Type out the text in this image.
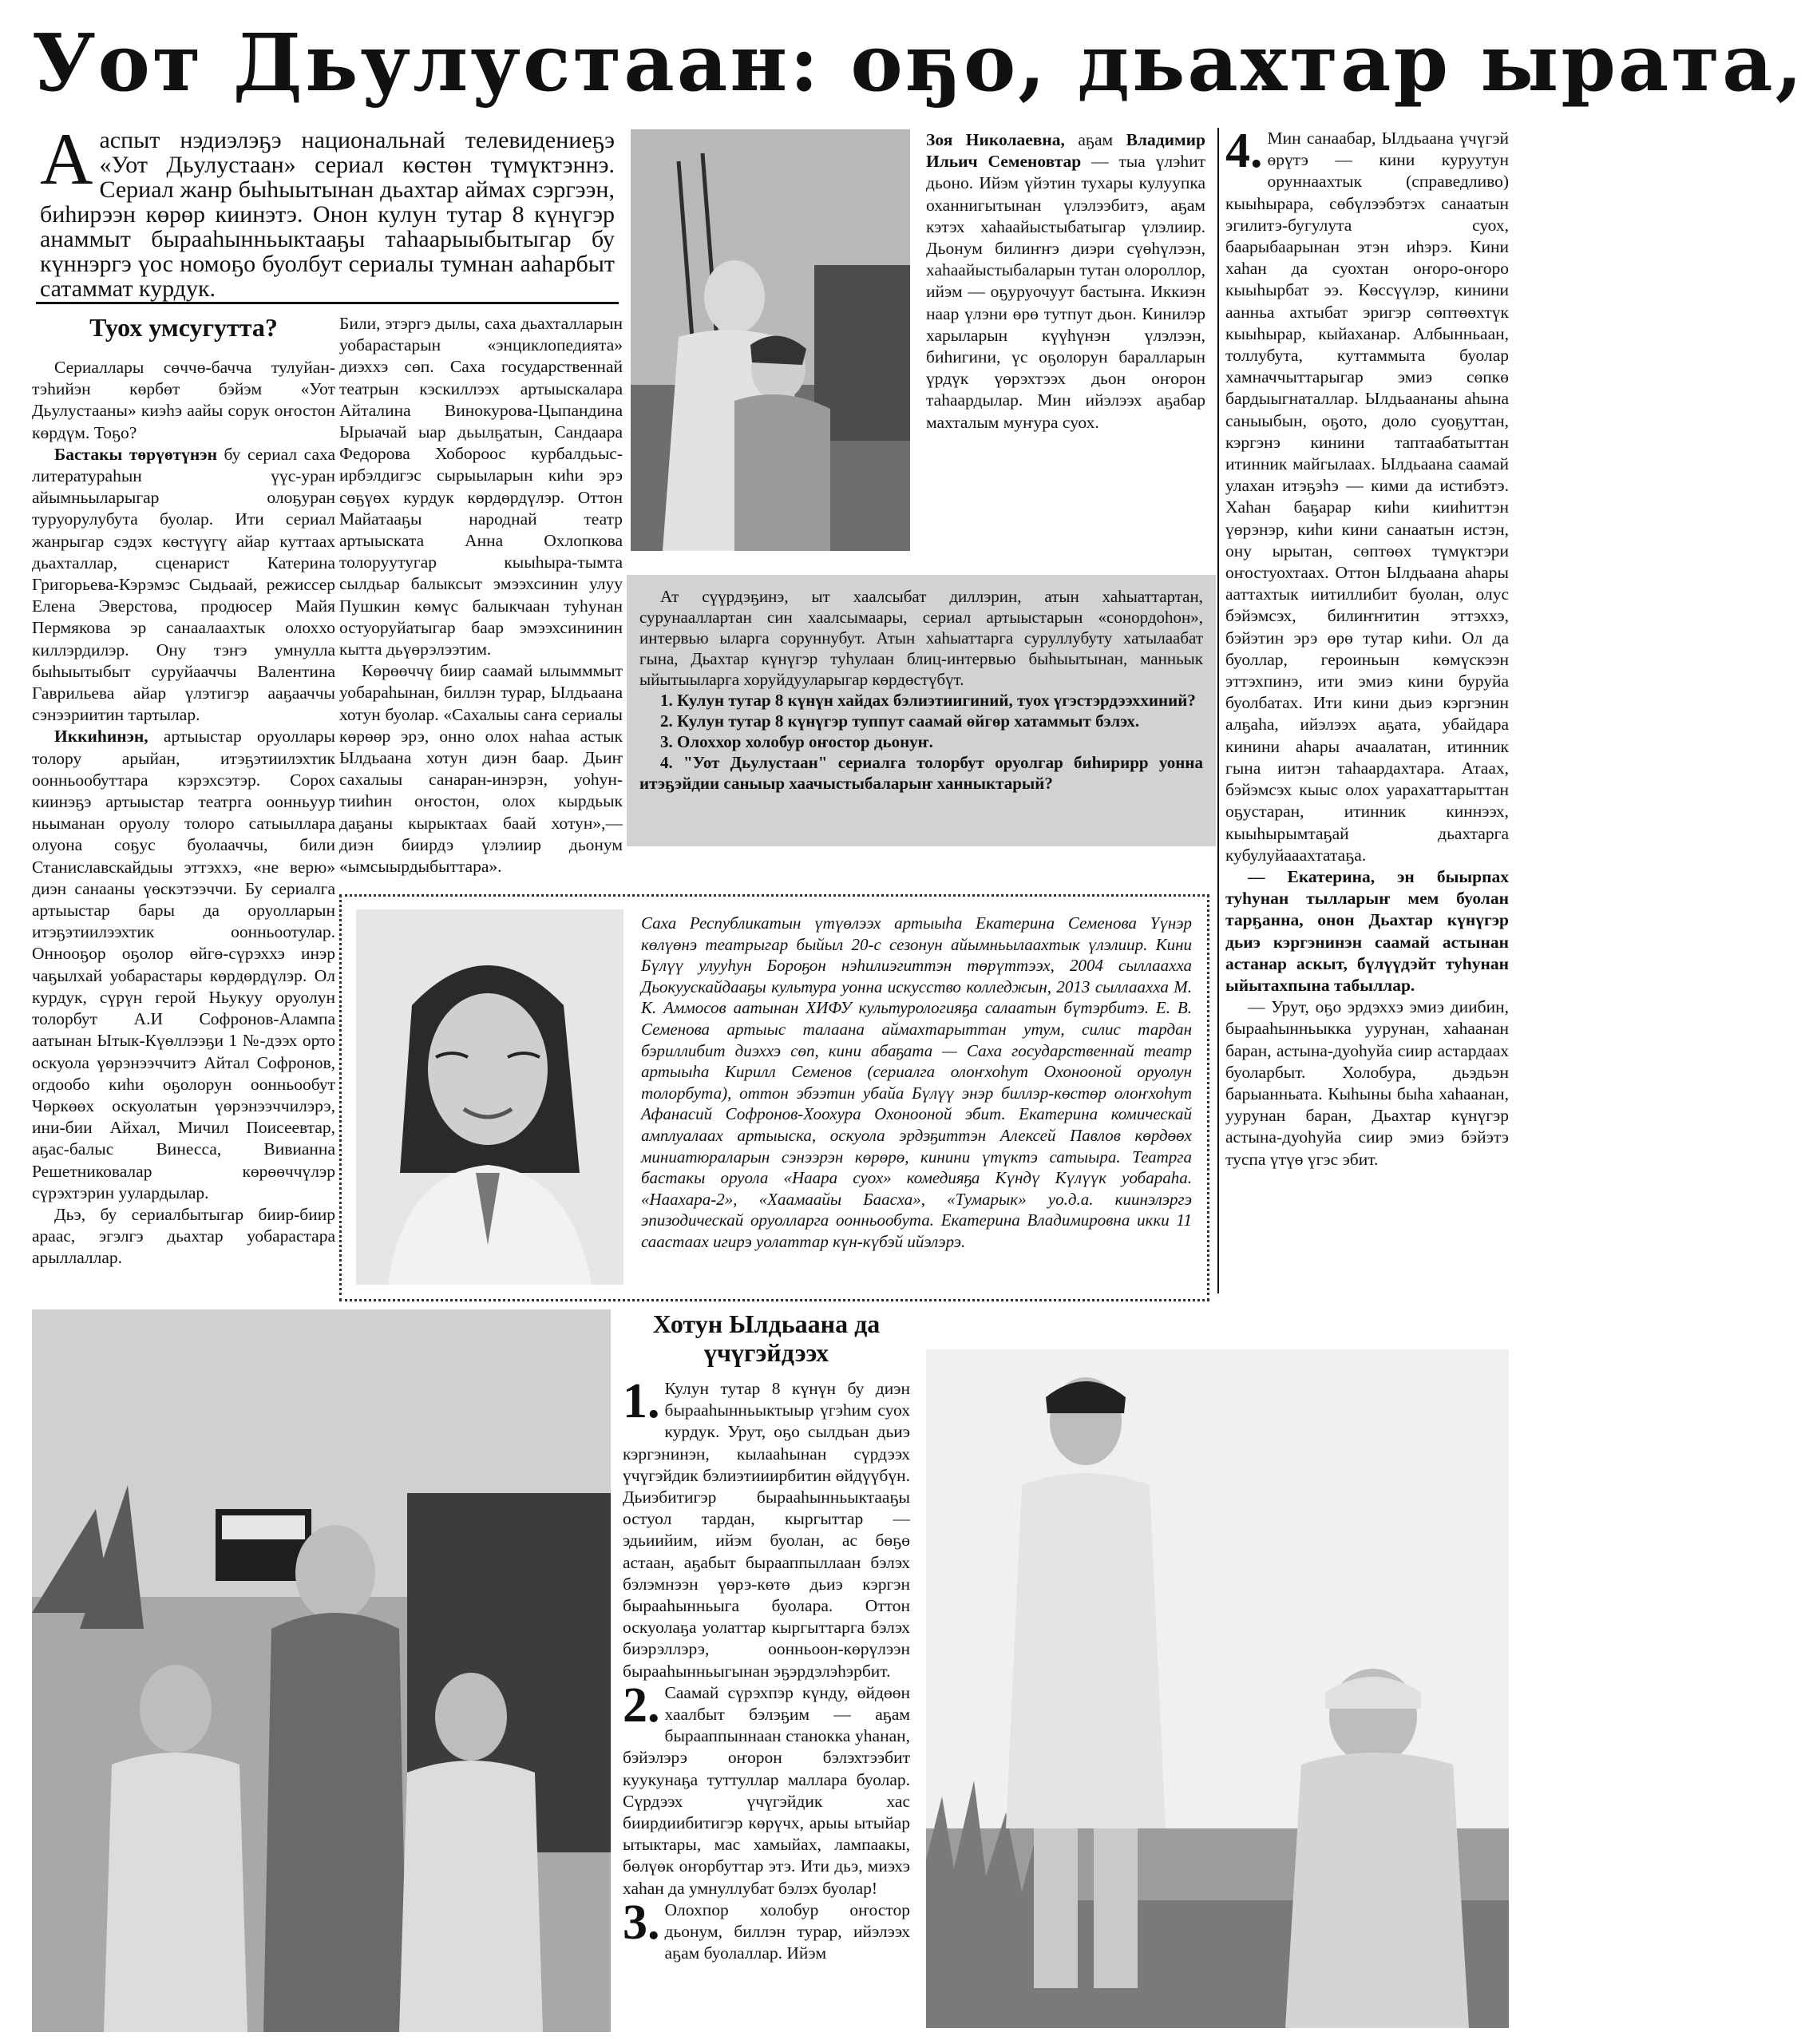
Уот Дьулустаан: оҕо, дьахтар ырата,
А аспыт нэдиэлэҕэ национальнай телевидениеҕэ «Уот Дьулустаан» сериал көстөн түмүктэннэ. Сериал жанр быһыытынан дьахтар аймах сэргээн, биһирээн көрөр киинэтэ. Онон кулун тутар 8 күнүгэр анаммыт бырааһынньыктааҕы таһаарыыбытыгар бу күннэргэ үос номоҕо буолбут сериалы тумнан ааһарбыт сатаммат курдук.
Туох умсугутта?

Сериаллары сөччө-баччa тулуйан-тэһийэн көрбөт бэйэм «Уот Дьулустааны» киэһэ аайы сорук оҥостон көрдүм. Тоҕо?

Бастакы төрүөтүнэн бу сериал саха литератураһын үүс-уран айымньыларыгар олоҕуран туруорулубута буолар. Ити сериал жанрыгар сэдэх көстүүгү айар куттаах дьахталлар, сценарист Катерина Григорьева-Кэрэмэс Сыдьаай, режиссер Елена Эверстова, продюсер Майя Пермякова эр санаалаахтык олоххо киллэрдилэр. Ону тэҥэ умнулла быһыытыбыт суруйааччы Валентина Гаврильева айар үлэтигэр ааҕааччы сэнээриитин тартылар.

Иккиһинэн, артыыстар оруоллары толору арыйан, итэҕэтиилэхтик оонньообуттара кэрэхсэтэр. Сорох киинэҕэ артыыстар театрга оонньуур ньыманан оруолу толоро сатыыллара олуона соҕус буолааччы, били Станиславскайдыы эттэххэ, «не верю» диэн санааны үөскэтээччи. Бу сериалга артыыстар бары да оруолларын итэҕэтиилээхтик оонньоотулар. Оннооҕор оҕолор өйгө-сүрэххэ инэр чаҕылхай уобарастары көрдөрдүлэр. Ол курдук, сүрүн герой Ньукуу оруолун толорбут А.И Софронов-Алампа аатынан Ытык-Күөллээҕи 1 №-дээх орто оскуола үөрэнээччитэ Айтал Софронов, огдообо киһи оҕолорун оонньообут Чөркөөх оскуолатын үөрэнээччилэрэ, ини-бии Айхал, Мичил Поисеевтар, аҕас-балыс Винесса, Вивианна Решетниковалар көрөөччүлэр сүрэхтэрин уулардылар.

Дьэ, бу сериалбытыгар биир-биир араас, эгэлгэ дьахтар уобарастара арыллаллар.

Били, этэргэ дылы, саха дьахталларын уобарастарын «энциклопедията» диэххэ сөп. Саха государственнай театрын кэскиллээх артыыскалара Айталина Винокурова-Цыпандина Ырыачай ыар дьылҕатын, Сандаара Федорова Хобороос курбалдьыс-ирбэлдигэс сырыыларын киһи эрэ сөҕүөх курдук көрдөрдүлэр. Оттон Майатааҕы народнай театр артыыската Анна Охлопкова толоруутугар кыыһыра-тымта сылдьар балыксыт эмээхсинин улуу Пушкин көмүс балыкчаан туһунан остуоруйатыгар баар эмээхсининин кытта дьүөрэлээтим.

Көрөөччү биир саамай ылымммыт уобараһынан, биллэн турар, Ылдьаана хотун буолар. «Сахалыы саҥа сериалы көрөөр эрэ, онно олох наһаа астык Ылдьаана хотун диэн баар. Дьиҥ сахалыы санаран-инэрэн, уоһун-тииһин оҥостон, олох кырдьык даҕаны кырыктаах баай хотун»,— диэн биирдэ үлэлиир дьонум «ымсыырдыбыттара».

Зоя Николаевна, аҕам Владимир Ильич Семеновтар — тыа үлэһит дьоно. Ийэм үйэтин тухары кулуупка оханнигытынан үлэлээбитэ, аҕам кэтэх хаһаайыстыбатыгар үлэлиир. Дьонум билиҥҥэ диэри сүөһүлээн, хаһаайыстыбаларын тутан олороллор, ийэм — оҕуруочуут бастыҥа. Иккиэн наар үлэни өрө тутпут дьон. Кинилэр харыларын күүһүнэн үлэлээн, биһигини, үс оҕолорун баралларын үрдүк үөрэхтээх дьон оҥорон таһаардылар. Мин ийэлээх аҕабар махталым муҥура суох.

Ат сүүрдэҕинэ, ыт хаалсыбат диллэрин, атын хаһыаттартан, сурунааллартан син хаалсымаары, сериал артыыстарын «сонордоһон», интервью ыларга соруннубут. Атын хаһыаттарга суруллубуту хатылаабат гына, Дьахтар күнүгэр туһулаан блиц-интервью быһыытынан, манньык ыйытыыларга хоруйдууларыгар көрдөстүбүт.

1. Кулун тутар 8 күнүн хайдах бэлиэтиигиний, туох үгэстэрдээххиний?

2. Кулун тутар 8 күнүгэр туппут саамай өйгөр хатаммыт бэлэх.

3. Олоххор холобур оҥостор дьонуҥ.

4. "Уот Дьулустаан" сериалга толорбут оруолгар биһирирр уонна итэҕэйдии саныыр хаачыстыбаларыҥ ханныктарый?

4. Мин санаабар, Ылдьаана үчүгэй өрүтэ — кини куруутун оруннаахтык (справедливо) кыыһырара, сөбүлээбэтэх санаатын эгилитэ-бугулута суох, баарыбаарынан этэн иһэрэ. Кини хаһан да суохтан оҥоро-оҥоро кыыһырбат ээ. Көссүүлэр, кинини аанньа ахтыбат эригэр сөптөөхтүк кыыһырар, кыйаханар. Албынньаан, толлубута, куттаммыта буолар хамначчыттарыгар эмиэ сөпкө бардыыгнаталлар. Ылдьаананы аһына саныыбын, оҕото, доло суоҕуттан, кэргэнэ кинини таптаабатыттан итинник майгылаах. Ылдьаана саамай улахан итэҕэһэ — кими да истибэтэ. Хаһан баҕарар киһи кииһиттэн үөрэнэр, киһи кини санаатын истэн, ону ырытан, сөптөөх түмүктэри оҥостуохтаах. Оттон Ылдьаана аһары ааттахтык иитиллибит буолан, олус бэйэмсэх, билиҥҥитин эттэххэ, бэйэтин эрэ өрө тутар киһи. Ол да буоллар, героиньын көмүскээн эттэхпинэ, ити эмиэ кини буруйа буолбатах. Ити кини дьиэ кэргэнин алҕаһа, ийэлээх аҕата, убайдара кинини аһары ачаалатан, итинник гына иитэн таһаардахтара. Атаах, бэйэмсэх кыыс олох уарахаттарыттан оҕустаран, итинник киннээх, кыыһырымтаҕай дьахтарга кубулуйааахтатаҕа.

— Екатерина, эн быырпах туһунан тылларыҥ мем буолан тарҕанна, онон Дьахтар күнүгэр дьиэ кэргэнинэн саамай астынан астанар аскыт, бүлүүдэйт туһунан ыйытахпына табыллар.

— Урут, оҕо эрдэххэ эмиэ диибин, бырааһынньыкка уурунан, хаһаанан баран, астына-дуоһуйа сиир астардаах буоларбыт. Холобура, дьэдьэн барыанньата. Кыһыны быһа хаһаанан, уурунан баран, Дьахтар күнүгэр астына-дуоһуйа сиир эмиэ бэйэтэ туспа үтүө үгэс эбит.

Саха Республикатын үтүөлээх артыыһа Екатерина Семенова Үүнэр көлүөнэ театрыгар быйыл 20-с сезонун айымньылаахтык үлэлиир. Кини Бүлүү улууһун Бороҕон нэһилиэгиттэн төрүттээх, 2004 сыллаахха Дьокуускайдааҕы культура уонна искусство колледжын, 2013 сыллаахха М. К. Аммосов аатынан ХИФУ культурологияҕа салаатын бүтэрбитэ. Е. В. Семенова артыыс талаана аймахтарыттан утум, силис тардан бэриллибит диэххэ сөп, кини абаҕата — Саха государственнай театр артыыһа Кирилл Семенов (сериалга олоҥхоһут Охонооной оруолун толорбута), оттон эбээтин убайа Бүлүү энэр биллэр-көстөр олоҥхоһут Афанасий Софронов-Хоохура Охонооной эбит. Екатерина комическай амплуалаах артыыска, оскуола эрдэҕиттэн Алексей Павлов көрдөөх миниатюраларын сэнээрэн көрөрө, кинини үтүктэ сатыыра. Театрга бастакы оруола «Наара суох» комедияҕа Күндү Күлүүк уобараһа. «Наахара-2», «Хаамаайы Баасха», «Тумарык» уо.д.а. киинэлэргэ эпизодическай оруолларга оонньообута. Екатерина Владимировна икки 11 саастаах игирэ уолаттар күн-күбэй ийэлэрэ.
Хотун Ылдьаана да үчүгэйдээх

1. Кулун тутар 8 күнүн бу диэн бырааһынньыктыыр үгэһим суох курдук. Урут, оҕо сылдьан дьиэ кэргэнинэн, кылааһынан сүрдээх үчүгэйдик бэлиэтииирбитин өйдүүбүн. Дьиэбитигэр бырааһынньыктааҕы остуол тардан, кыргыттар — эдьиийим, ийэм буолан, ас бөҕө астаан, аҕабыт бырааппыллаан бэлэх бэлэмнээн үөрэ-көтө дьиэ кэргэн бырааһынньыга буолара. Оттон оскуолаҕа уолаттар кыргыттарга бэлэх биэрэллэрэ, оонньоон-көрүлээн бырааһынньыгынан эҕэрдэлэһэрбит.

2. Саамай сүрэхпэр күнду, өйдөөн хаалбыт бэлэҕим — аҕам бырааппыннаан станокка уһанан, бэйэлэрэ оҥорон бэлэхтээбит куукунаҕа туттуллар маллара буолар. Сүрдээх үчүгэйдик хас биирдиибитигэр көрүчх, арыы ытыйар ытыктары, мас хамыйах, лампаакы, бөлүөк оҥорбуттар этэ. Ити дьэ, миэхэ хаһан да умнуллубат бэлэх буолар!

3. Олохпор холобур оҥостор дьонум, биллэн турар, ийэлээх аҕам буолаллар. Ийэм
